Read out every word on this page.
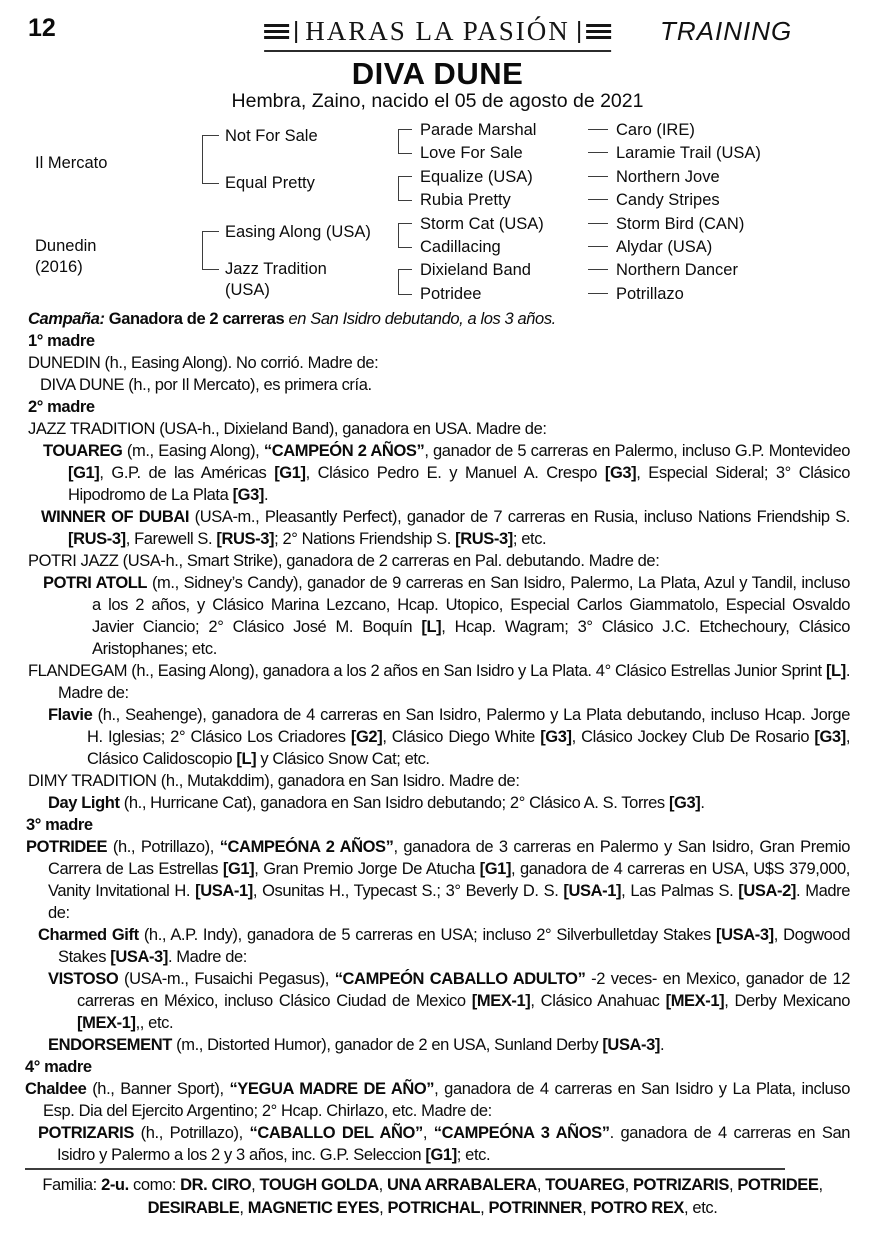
12	HARAS LA PASIÓN	TRAINING
DIVA DUNE
Hembra, Zaino, nacido el 05 de agosto de 2021
Caro (IRE)
Laramie Trail (USA)
Northern Jove
Candy Stripes
Storm Bird (CAN)
Alydar (USA)
Northern Dancer
Potrillazo
Parade Marshal
Love For Sale
Equalize (USA)
Rubia Pretty
Storm Cat (USA)
Cadillacing
Dixieland Band
Potridee
Not For Sale
Equal Pretty
Easing Along (USA)
Jazz Tradition
(USA)
Il Mercato
Dunedin
(2016)

Campaña: Ganadora de 2 carreras en San Isidro debutando, a los 3 años.

1° madre

DUNEDIN (h., Easing Along). No corrió. Madre de:

DIVA DUNE (h., por Il Mercato), es primera cría.

2° madre

JAZZ TRADITION (USA-h., Dixieland Band), ganadora en USA. Madre de:

TOUAREG (m., Easing Along), “CAMPEÓN 2 AÑOS”, ganador de 5 carreras en Palermo, incluso G.P. Montevideo [G1], G.P. de las Américas [G1], Clásico Pedro E. y Manuel A. Crespo [G3], Especial Sideral; 3° Clásico Hipodromo de La Plata [G3].

WINNER OF DUBAI (USA-m., Pleasantly Perfect), ganador de 7 carreras en Rusia, incluso Nations Friendship S. [RUS-3], Farewell S. [RUS-3]; 2° Nations Friendship S. [RUS-3]; etc.

POTRI JAZZ (USA-h., Smart Strike), ganadora de 2 carreras en Pal. debutando. Madre de:

POTRI ATOLL (m., Sidney’s Candy), ganador de 9 carreras en San Isidro, Palermo, La Plata, Azul y Tandil, incluso a los 2 años, y Clásico Marina Lezcano, Hcap. Utopico, Especial Carlos Giammatolo, Especial Osvaldo Javier Ciancio; 2° Clásico José M. Boquín [L], Hcap. Wagram; 3° Clásico J.C. Etchechoury, Clásico Aristophanes; etc.

FLANDEGAM (h., Easing Along), ganadora a los 2 años en San Isidro y La Plata. 4° Clásico Estrellas Junior Sprint [L]. Madre de:

Flavie (h., Seahenge), ganadora de 4 carreras en San Isidro, Palermo y La Plata debutando, incluso Hcap. Jorge H. Iglesias; 2° Clásico Los Criadores [G2], Clásico Diego White [G3], Clásico Jockey Club De Rosario [G3], Clásico Calidoscopio [L] y Clásico Snow Cat; etc.

DIMY TRADITION (h., Mutakddim), ganadora en San Isidro. Madre de:

Day Light (h., Hurricane Cat), ganadora en San Isidro debutando; 2° Clásico A. S. Torres [G3].

3° madre

POTRIDEE (h., Potrillazo), “CAMPEÓNA 2 AÑOS”, ganadora de 3 carreras en Palermo y San Isidro, Gran Premio Carrera de Las Estrellas [G1], Gran Premio Jorge De Atucha [G1], ganadora de 4 carreras en USA, U$S 379,000, Vanity Invitational H. [USA-1], Osunitas H., Typecast S.; 3° Beverly D. S. [USA-1], Las Palmas S. [USA-2]. Madre de:

Charmed Gift (h., A.P. Indy), ganadora de 5 carreras en USA; incluso 2° Silverbulletday Stakes [USA-3], Dogwood Stakes [USA-3]. Madre de:

VISTOSO (USA-m., Fusaichi Pegasus), “CAMPEÓN CABALLO ADULTO” -2 veces- en Mexico, ganador de 12 carreras en México, incluso Clásico Ciudad de Mexico [MEX-1], Clásico Anahuac [MEX-1], Derby Mexicano [MEX-1],, etc.

ENDORSEMENT (m., Distorted Humor), ganador de 2 en USA, Sunland Derby [USA-3].

4° madre

Chaldee (h., Banner Sport), “YEGUA MADRE DE AÑO”, ganadora de 4 carreras en San Isidro y La Plata, incluso Esp. Dia del Ejercito Argentino; 2° Hcap. Chirlazo, etc. Madre de:

POTRIZARIS (h., Potrillazo), “CABALLO DEL AÑO”, “CAMPEÓNA 3 AÑOS”. ganadora de 4 carreras en San Isidro y Palermo a los 2 y 3 años, inc. G.P. Seleccion [G1]; etc.

Familia: 2-u. como: DR. CIRO, TOUGH GOLDA, UNA ARRABALERA, TOUAREG, POTRIZARIS, POTRIDEE, DESIRABLE, MAGNETIC EYES, POTRICHAL, POTRINNER, POTRO REX, etc.
